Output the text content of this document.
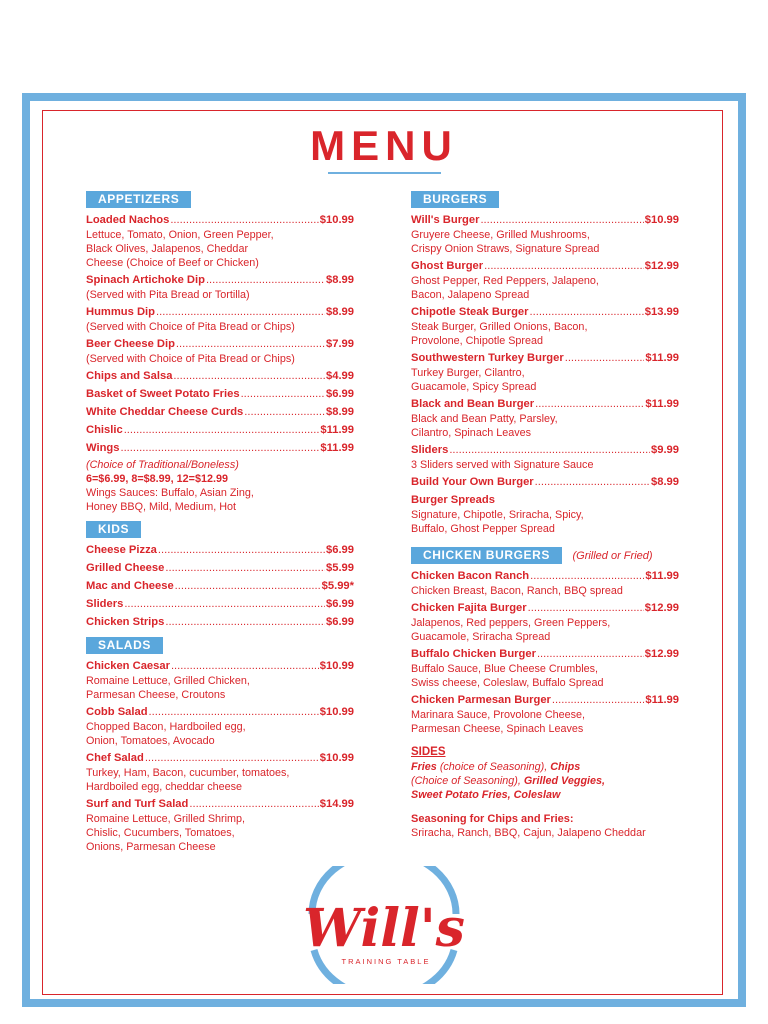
MENU
APPETIZERS
Loaded Nachos .....	$10.99
Lettuce, Tomato, Onion, Green Pepper,
Black Olives, Jalapenos, Cheddar
Cheese (Choice of Beef or Chicken)
Spinach Artichoke Dip .....	$8.99
(Served with Pita Bread or Tortilla)
Hummus Dip .....	$8.99
(Served with Choice of Pita Bread or Chips)
Beer Cheese Dip .....	$7.99
(Served with Choice of Pita Bread or Chips)
Chips and Salsa .....	$4.99
Basket of Sweet Potato Fries .....	$6.99
White Cheddar Cheese Curds .....	$8.99
Chislic .....	$11.99
Wings .....	$11.99
(Choice of Traditional/Boneless)
6=$6.99, 8=$8.99, 12=$12.99
Wings Sauces: Buffalo, Asian Zing,
Honey BBQ, Mild, Medium, Hot
KIDS
Cheese Pizza .....	$6.99
Grilled Cheese .....	$5.99
Mac and Cheese .....	$5.99*
Sliders .....	$6.99
Chicken Strips .....	$6.99
SALADS
Chicken Caesar .....	$10.99
Romaine Lettuce, Grilled Chicken,
Parmesan Cheese, Croutons
Cobb Salad .....	$10.99
Chopped Bacon, Hardboiled egg,
Onion, Tomatoes, Avocado
Chef Salad .....	$10.99
Turkey, Ham, Bacon, cucumber, tomatoes,
Hardboiled egg, cheddar cheese
Surf and Turf Salad .....	$14.99
Romaine Lettuce, Grilled Shrimp,
Chislic, Cucumbers, Tomatoes,
Onions, Parmesan Cheese
BURGERS
Will's Burger .....	$10.99
Gruyere Cheese, Grilled Mushrooms,
Crispy Onion Straws, Signature Spread
Ghost Burger .....	$12.99
Ghost Pepper, Red Peppers, Jalapeno,
Bacon, Jalapeno Spread
Chipotle Steak Burger .....	$13.99
Steak Burger, Grilled Onions, Bacon,
Provolone, Chipotle Spread
Southwestern Turkey Burger .....	$11.99
Turkey Burger, Cilantro,
Guacamole, Spicy Spread
Black and Bean Burger .....	$11.99
Black and Bean Patty, Parsley,
Cilantro, Spinach Leaves
Sliders .....	$9.99
3 Sliders served with Signature Sauce
Build Your Own Burger .....	$8.99
Burger Spreads
Signature, Chipotle, Sriracha, Spicy,
Buffalo, Ghost Pepper Spread
CHICKEN BURGERS (Grilled or Fried)
Chicken Bacon Ranch .....	$11.99
Chicken Breast, Bacon, Ranch, BBQ spread
Chicken Fajita Burger .....	$12.99
Jalapenos, Red peppers, Green Peppers,
Guacamole, Sriracha Spread
Buffalo Chicken Burger .....	$12.99
Buffalo Sauce, Blue Cheese Crumbles,
Swiss cheese, Coleslaw, Buffalo Spread
Chicken Parmesan Burger .....	$11.99
Marinara Sauce, Provolone Cheese,
Parmesan Cheese, Spinach Leaves
SIDES
Fries (choice of Seasoning), Chips
(Choice of Seasoning), Grilled Veggies,
Sweet Potato Fries, Coleslaw
Seasoning for Chips and Fries:
Sriracha, Ranch, BBQ, Cajun, Jalapeno Cheddar
Will's
TRAINING TABLE
